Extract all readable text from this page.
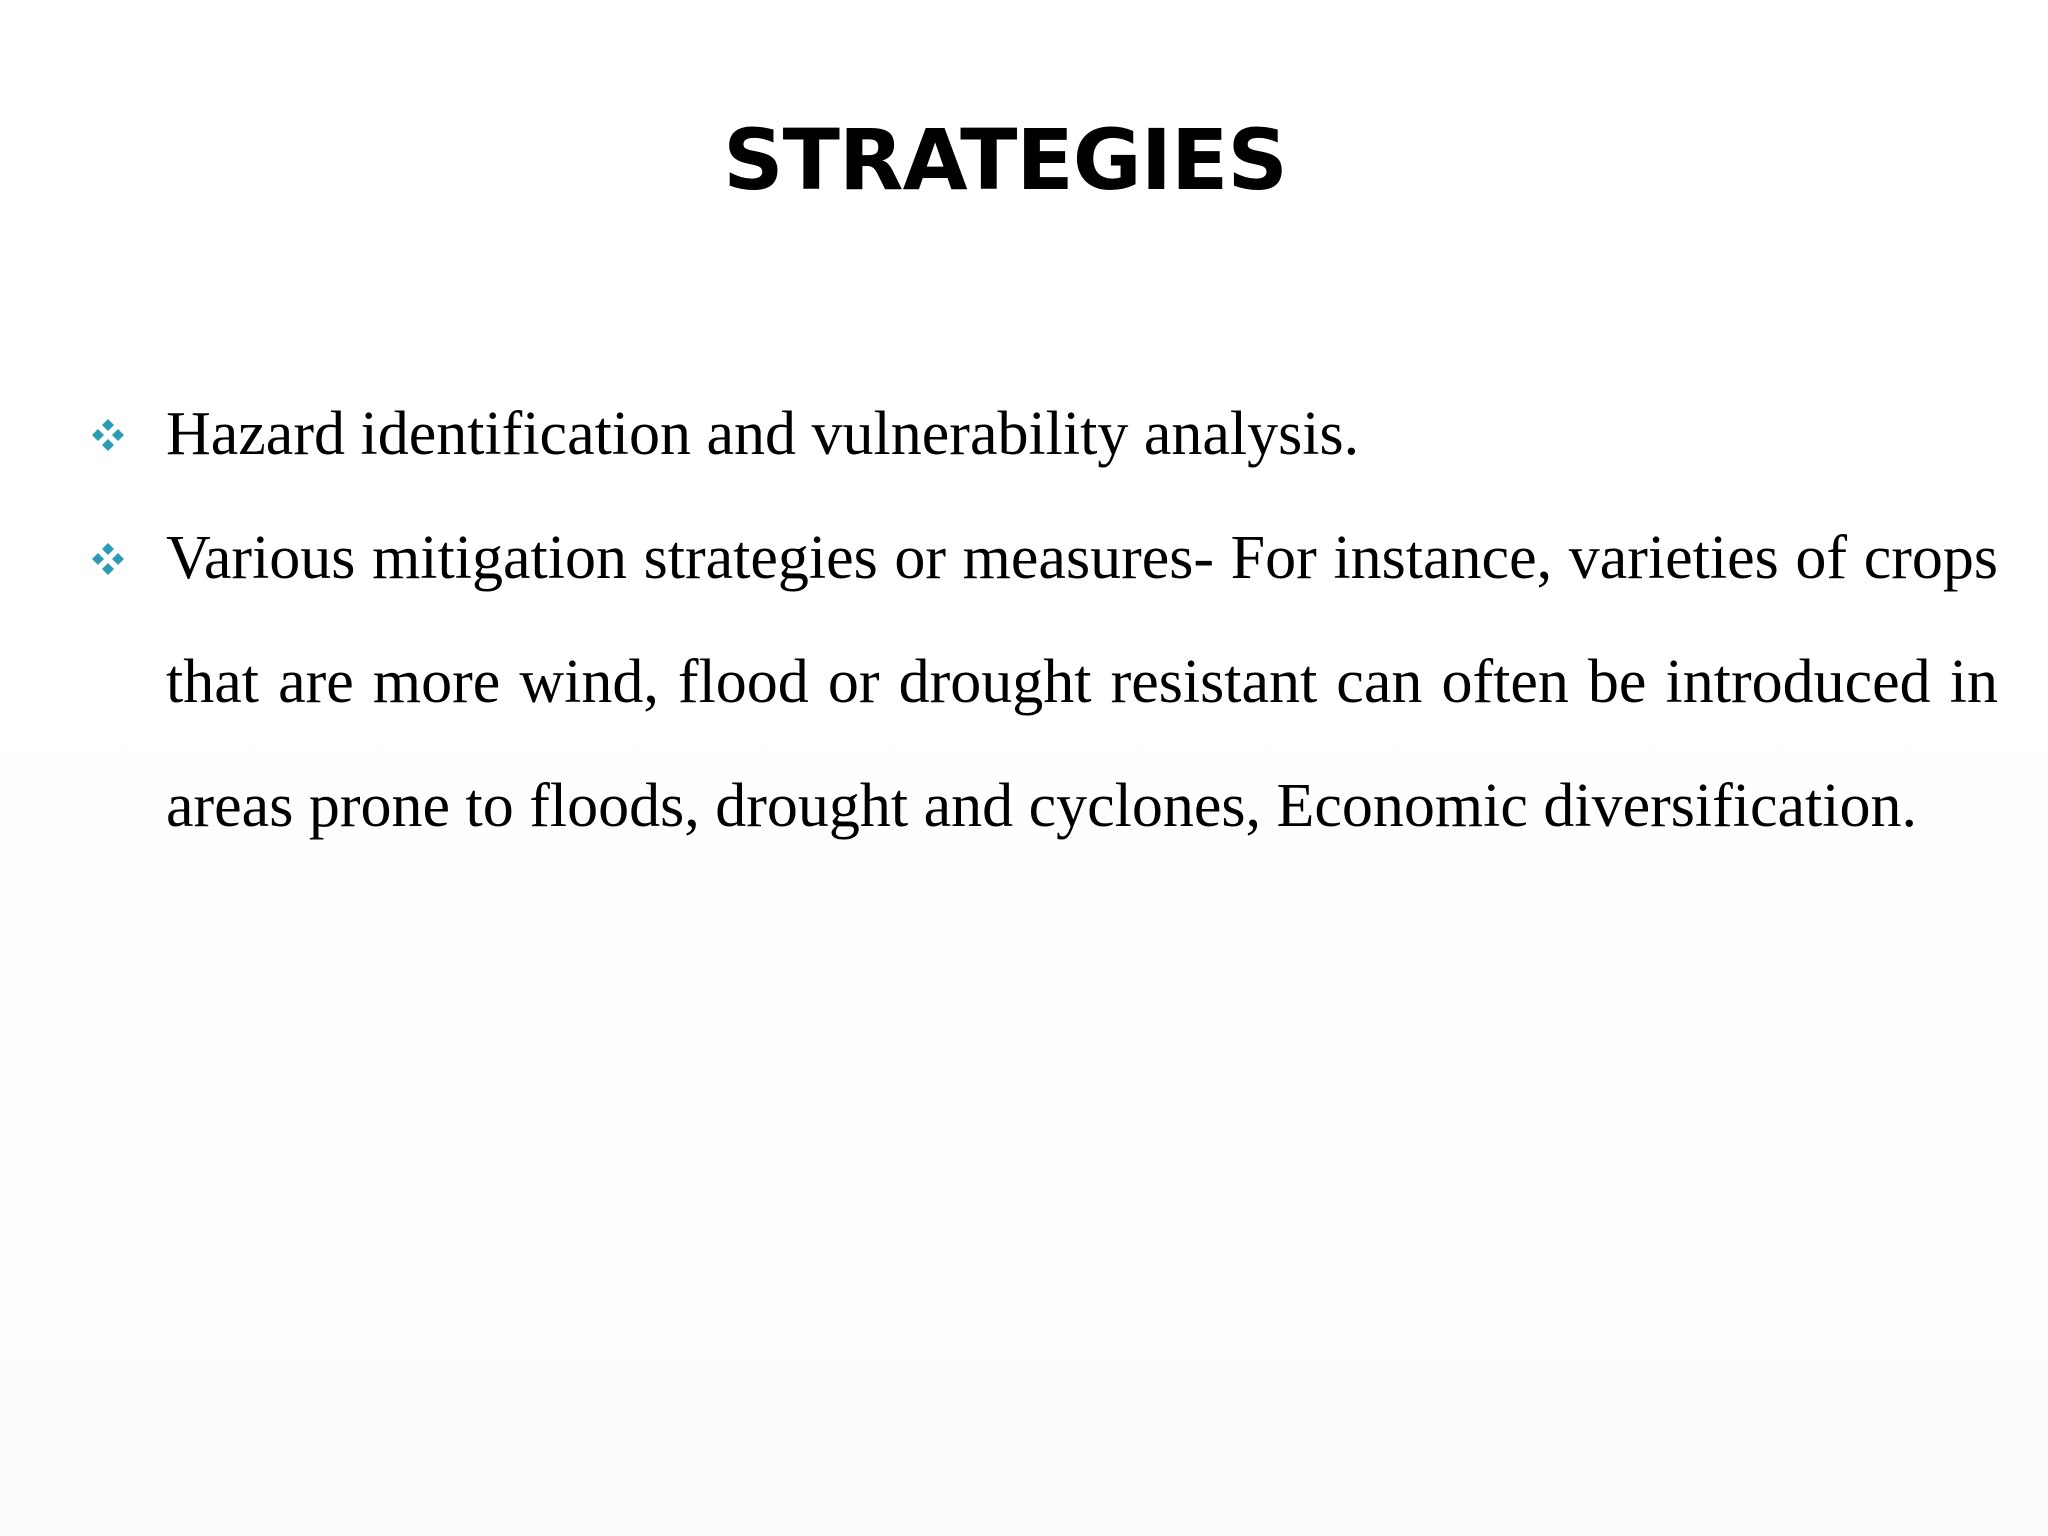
STRATEGIES
Hazard identification and vulnerability analysis.
Various mitigation strategies or measures- For instance, varieties of crops that are more wind, flood or drought resistant can often be introduced in areas prone to floods, drought and cyclones, Economic diversification.
